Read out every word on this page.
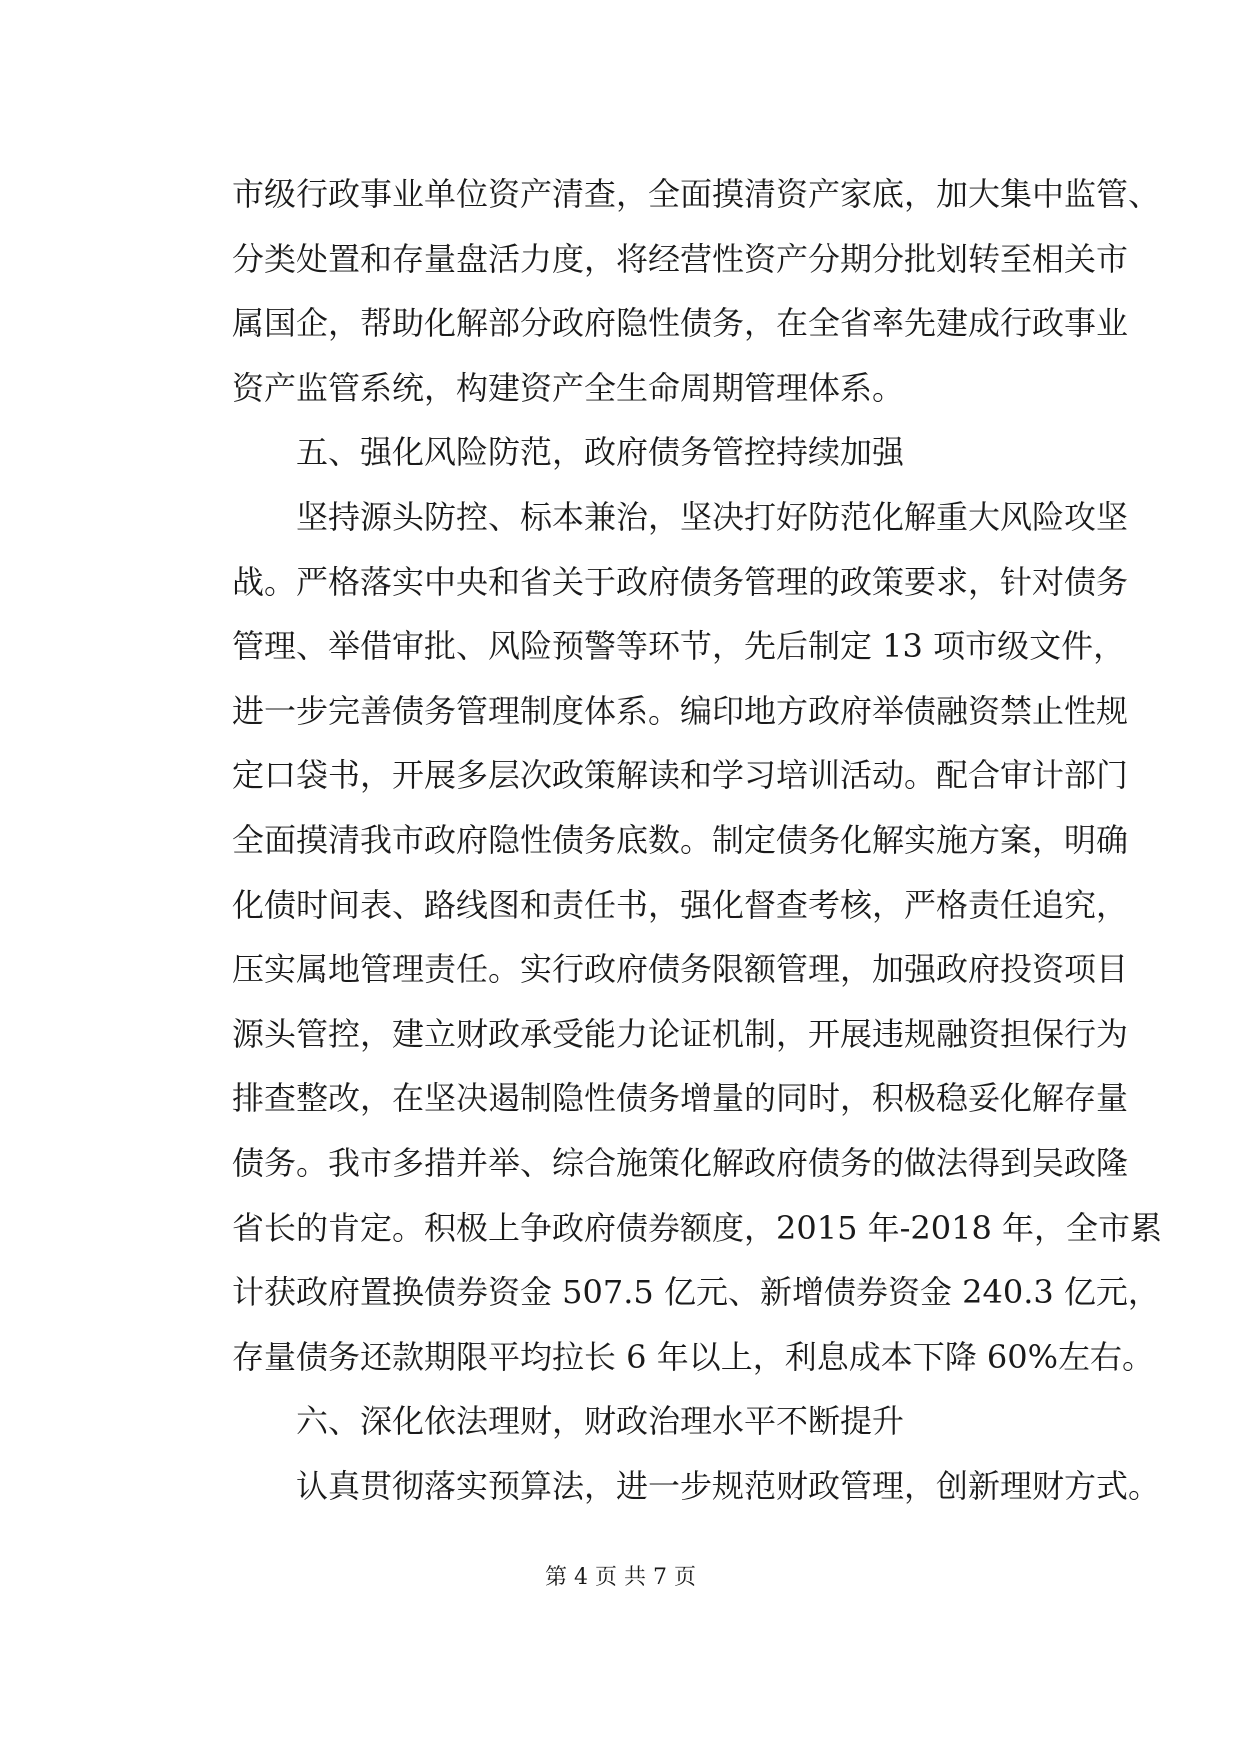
市级行政事业单位资产清查，全面摸清资产家底，加大集中监管、
分类处置和存量盘活力度，将经营性资产分期分批划转至相关市
属国企，帮助化解部分政府隐性债务，在全省率先建成行政事业
资产监管系统，构建资产全生命周期管理体系。
五、强化风险防范，政府债务管控持续加强
坚持源头防控、标本兼治，坚决打好防范化解重大风险攻坚
战。严格落实中央和省关于政府债务管理的政策要求，针对债务
管理、举借审批、风险预警等环节，先后制定 13 项市级文件，
进一步完善债务管理制度体系。编印地方政府举债融资禁止性规
定口袋书，开展多层次政策解读和学习培训活动。配合审计部门
全面摸清我市政府隐性债务底数。制定债务化解实施方案，明确
化债时间表、路线图和责任书，强化督查考核，严格责任追究，
压实属地管理责任。实行政府债务限额管理，加强政府投资项目
源头管控，建立财政承受能力论证机制，开展违规融资担保行为
排查整改，在坚决遏制隐性债务增量的同时，积极稳妥化解存量
债务。我市多措并举、综合施策化解政府债务的做法得到吴政隆
省长的肯定。积极上争政府债券额度，2015 年-2018 年，全市累
计获政府置换债券资金 507.5 亿元、新增债券资金 240.3 亿元，
存量债务还款期限平均拉长 6 年以上，利息成本下降 60%左右。
六、深化依法理财，财政治理水平不断提升
认真贯彻落实预算法，进一步规范财政管理，创新理财方式。
第 4 页 共 7 页
